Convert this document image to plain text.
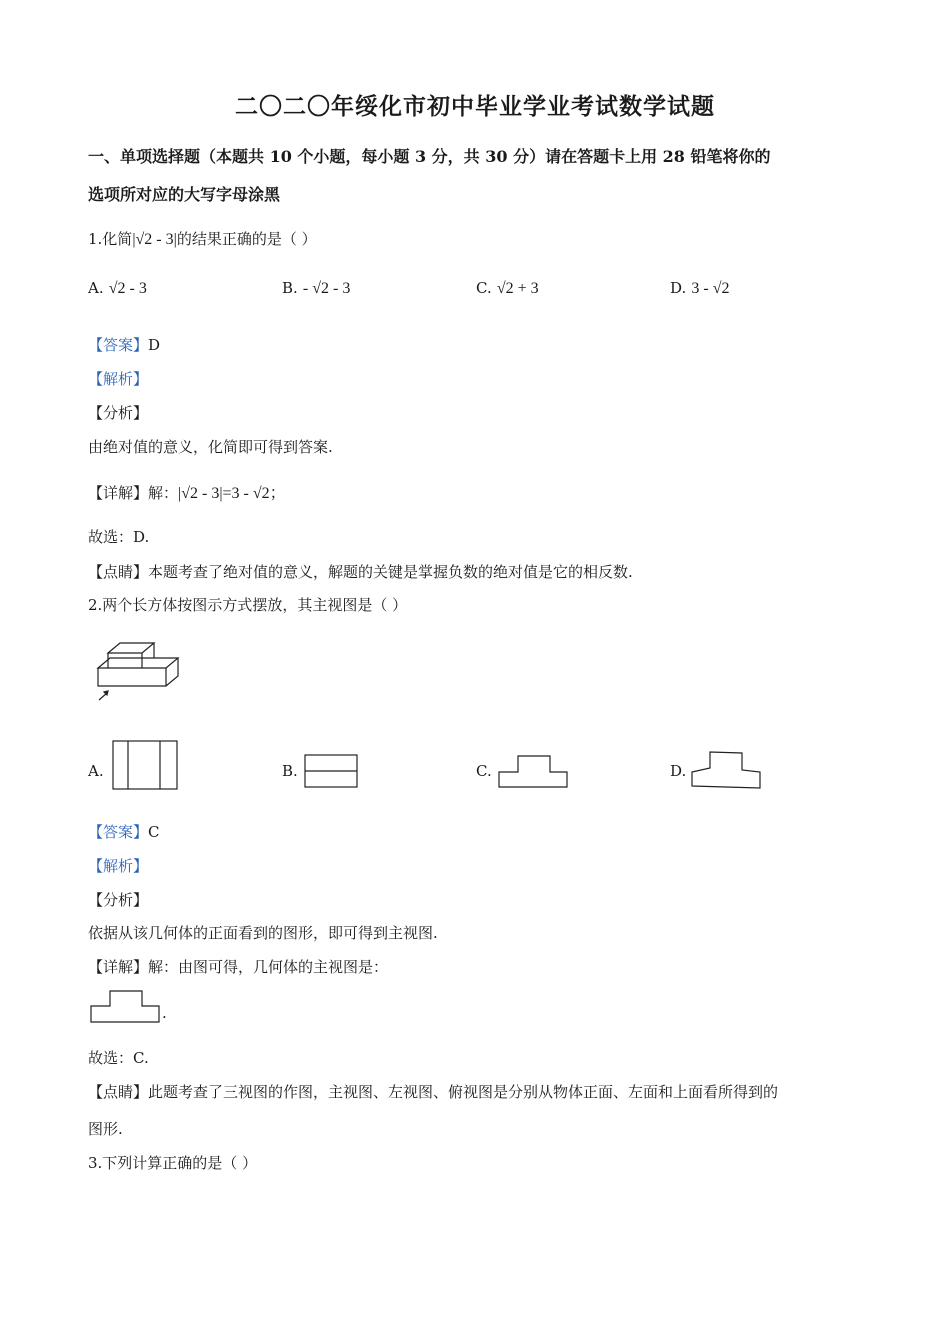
二〇二〇年绥化市初中毕业学业考试数学试题
一、单项选择题（本题共 10 个小题，每小题 3 分，共 30 分）请在答题卡上用 28 铅笔将你的
选项所对应的大写字母涂黑
1.化简|√2 - 3|的结果正确的是（ ）
A. √2 - 3	B. - √2 - 3	C. √2 + 3	D. 3 - √2
【答案】D
【解析】
【分析】
由绝对值的意义，化简即可得到答案.
【详解】解：|√2 - 3|=3 - √2；
故选：D.
【点睛】本题考查了绝对值的意义，解题的关键是掌握负数的绝对值是它的相反数.
2.两个长方体按图示方式摆放，其主视图是（ ）
A.	B.	C.	D.
【答案】C
【解析】
【分析】
依据从该几何体的正面看到的图形，即可得到主视图.
【详解】解：由图可得，几何体的主视图是：
.
故选：C.
【点睛】此题考查了三视图的作图，主视图、左视图、俯视图是分别从物体正面、左面和上面看所得到的
图形.
3.下列计算正确的是（ ）
